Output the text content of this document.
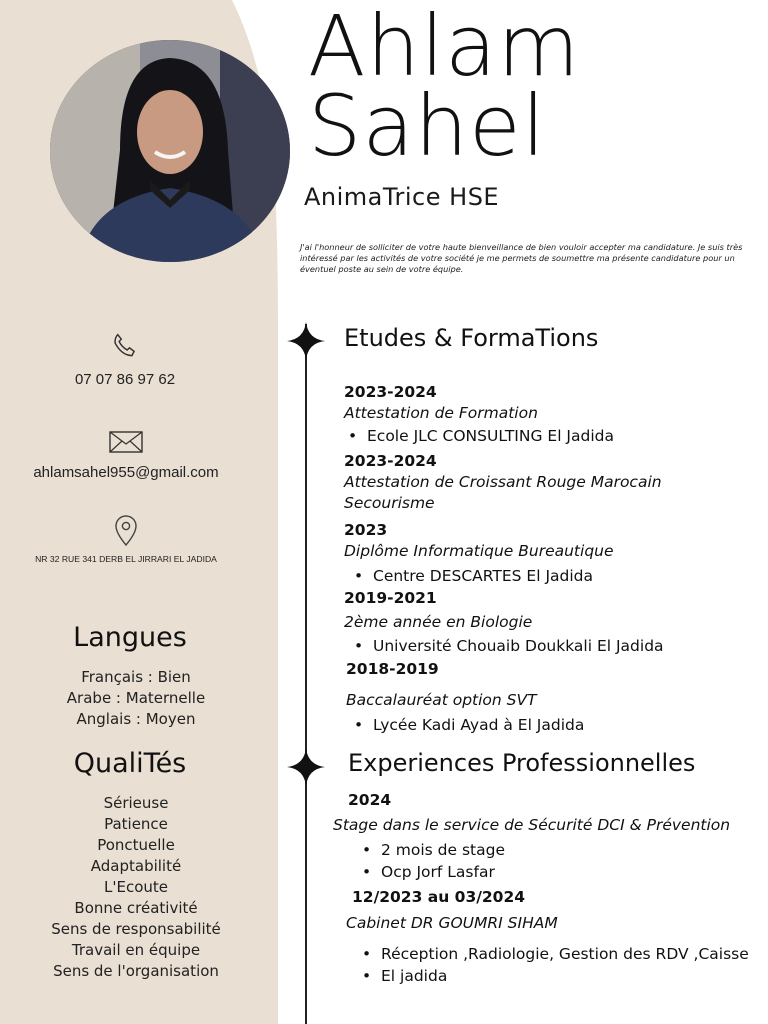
Ahlam
Sahel
AnimaTrice HSE
J'ai l'honneur de solliciter de votre haute bienveillance de bien vouloir accepter ma candidature. Je suis très intéressé par les activités de votre société je me permets de soumettre ma présente candidature pour un éventuel poste au sein de votre équipe.
07 07 86 97 62
ahlamsahel955@gmail.com
NR 32 RUE 341 DERB EL JIRRARI EL JADIDA
Langues
Français : Bien
Arabe : Maternelle
Anglais : Moyen
QualiTés
Sérieuse
Patience
Ponctuelle
Adaptabilité
L'Ecoute
Bonne créativité
Sens de responsabilité
Travail en équipe
Sens de l'organisation
Etudes & FormaTions
2023-2024
Attestation de Formation
• Ecole JLC CONSULTING El Jadida
2023-2024
Attestation de Croissant Rouge Marocain
Secourisme
2023
Diplôme Informatique Bureautique
• Centre DESCARTES El Jadida
2019-2021
2ème année en Biologie
• Université Chouaib Doukkali El Jadida
2018-2019
Baccalauréat option SVT
• Lycée Kadi Ayad à El Jadida
Experiences Professionnelles
2024
Stage dans le service de Sécurité DCI & Prévention
• 2 mois de stage
• Ocp Jorf Lasfar
12/2023 au 03/2024
Cabinet DR GOUMRI SIHAM
• Réception ,Radiologie, Gestion des RDV ,Caisse
• El jadida
